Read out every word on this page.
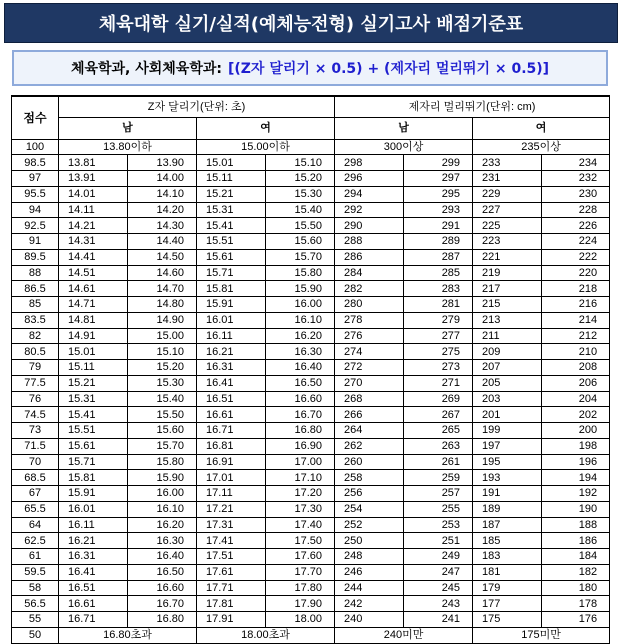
체육대학 실기/실적(예체능전형) 실기고사 배점기준표
체육학과, 사회체육학과: [(Z자 달리기 × 0.5) + (제자리 멀리뛰기 × 0.5)]
점수	Z자 달리기(단위: 초)				제자리 멀리뛰기(단위: cm)			
	남		여		남		여	
100	13.80이하		15.00이하		300이상		235이상	
98.5	13.81	13.90	15.01	15.10	298	299	233	234
97	13.91	14.00	15.11	15.20	296	297	231	232
95.5	14.01	14.10	15.21	15.30	294	295	229	230
94	14.11	14.20	15.31	15.40	292	293	227	228
92.5	14.21	14.30	15.41	15.50	290	291	225	226
91	14.31	14.40	15.51	15.60	288	289	223	224
89.5	14.41	14.50	15.61	15.70	286	287	221	222
88	14.51	14.60	15.71	15.80	284	285	219	220
86.5	14.61	14.70	15.81	15.90	282	283	217	218
85	14.71	14.80	15.91	16.00	280	281	215	216
83.5	14.81	14.90	16.01	16.10	278	279	213	214
82	14.91	15.00	16.11	16.20	276	277	211	212
80.5	15.01	15.10	16.21	16.30	274	275	209	210
79	15.11	15.20	16.31	16.40	272	273	207	208
77.5	15.21	15.30	16.41	16.50	270	271	205	206
76	15.31	15.40	16.51	16.60	268	269	203	204
74.5	15.41	15.50	16.61	16.70	266	267	201	202
73	15.51	15.60	16.71	16.80	264	265	199	200
71.5	15.61	15.70	16.81	16.90	262	263	197	198
70	15.71	15.80	16.91	17.00	260	261	195	196
68.5	15.81	15.90	17.01	17.10	258	259	193	194
67	15.91	16.00	17.11	17.20	256	257	191	192
65.5	16.01	16.10	17.21	17.30	254	255	189	190
64	16.11	16.20	17.31	17.40	252	253	187	188
62.5	16.21	16.30	17.41	17.50	250	251	185	186
61	16.31	16.40	17.51	17.60	248	249	183	184
59.5	16.41	16.50	17.61	17.70	246	247	181	182
58	16.51	16.60	17.71	17.80	244	245	179	180
56.5	16.61	16.70	17.81	17.90	242	243	177	178
55	16.71	16.80	17.91	18.00	240	241	175	176
50	16.80초과		18.00초과		240미만		175미만	
